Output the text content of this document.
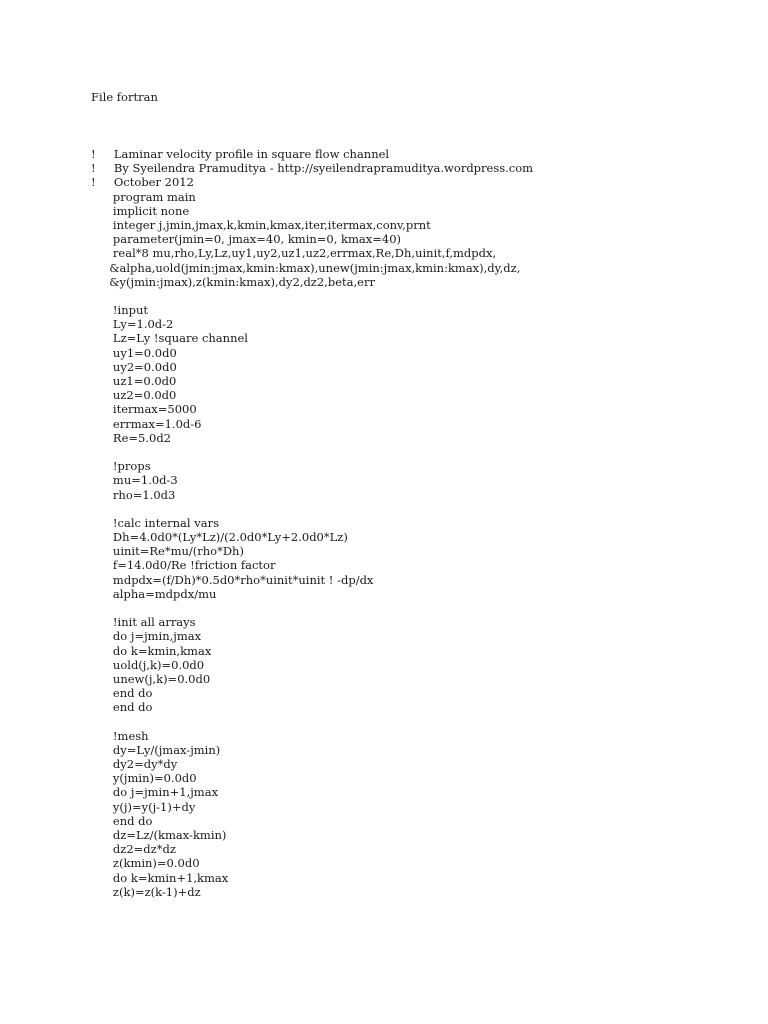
File fortran
!     Laminar velocity profile in square flow channel
!     By Syeilendra Pramuditya - http://syeilendrapramuditya.wordpress.com
!     October 2012
program main
implicit none
integer j,jmin,jmax,k,kmin,kmax,iter,itermax,conv,prnt
parameter(jmin=0, jmax=40, kmin=0, kmax=40)
real*8 mu,rho,Ly,Lz,uy1,uy2,uz1,uz2,errmax,Re,Dh,uinit,f,mdpdx,
&alpha,uold(jmin:jmax,kmin:kmax),unew(jmin:jmax,kmin:kmax),dy,dz,
&y(jmin:jmax),z(kmin:kmax),dy2,dz2,beta,err
!input
Ly=1.0d-2
Lz=Ly !square channel
uy1=0.0d0
uy2=0.0d0
uz1=0.0d0
uz2=0.0d0
itermax=5000
errmax=1.0d-6
Re=5.0d2
!props
mu=1.0d-3
rho=1.0d3
!calc internal vars
Dh=4.0d0*(Ly*Lz)/(2.0d0*Ly+2.0d0*Lz)
uinit=Re*mu/(rho*Dh)
f=14.0d0/Re !friction factor
mdpdx=(f/Dh)*0.5d0*rho*uinit*uinit ! -dp/dx
alpha=mdpdx/mu
!init all arrays
do j=jmin,jmax
do k=kmin,kmax
uold(j,k)=0.0d0
unew(j,k)=0.0d0
end do
end do
!mesh
dy=Ly/(jmax-jmin)
dy2=dy*dy
y(jmin)=0.0d0
do j=jmin+1,jmax
y(j)=y(j-1)+dy
end do
dz=Lz/(kmax-kmin)
dz2=dz*dz
z(kmin)=0.0d0
do k=kmin+1,kmax
z(k)=z(k-1)+dz
